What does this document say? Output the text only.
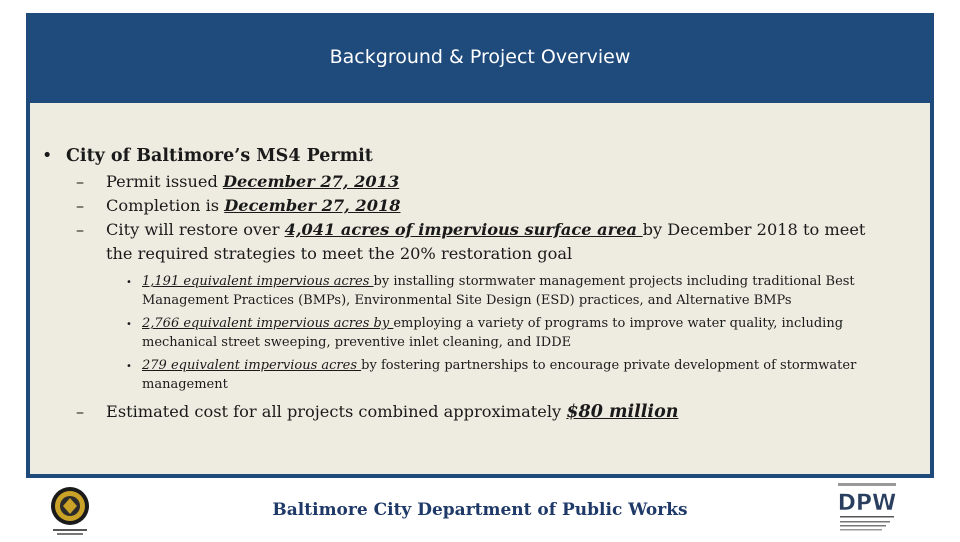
Background & Project Overview
• City of Baltimore’s MS4 Permit
–	Permit issued December 27, 2013
–	Completion is December 27, 2018
–	City will restore over 4,041 acres of impervious surface area by December 2018 to meet the required strategies to meet the 20% restoration goal
• 1,191 equivalent impervious acres by installing stormwater management projects including traditional Best Management Practices (BMPs), Environmental Site Design (ESD) practices, and Alternative BMPs
• 2,766 equivalent impervious acres by employing a variety of programs to improve water quality, including mechanical street sweeping, preventive inlet cleaning, and IDDE
• 279 equivalent impervious acres by fostering partnerships to encourage private development of stormwater management
–	Estimated cost for all projects combined approximately $80 million
Baltimore City Department of Public Works	DPW
